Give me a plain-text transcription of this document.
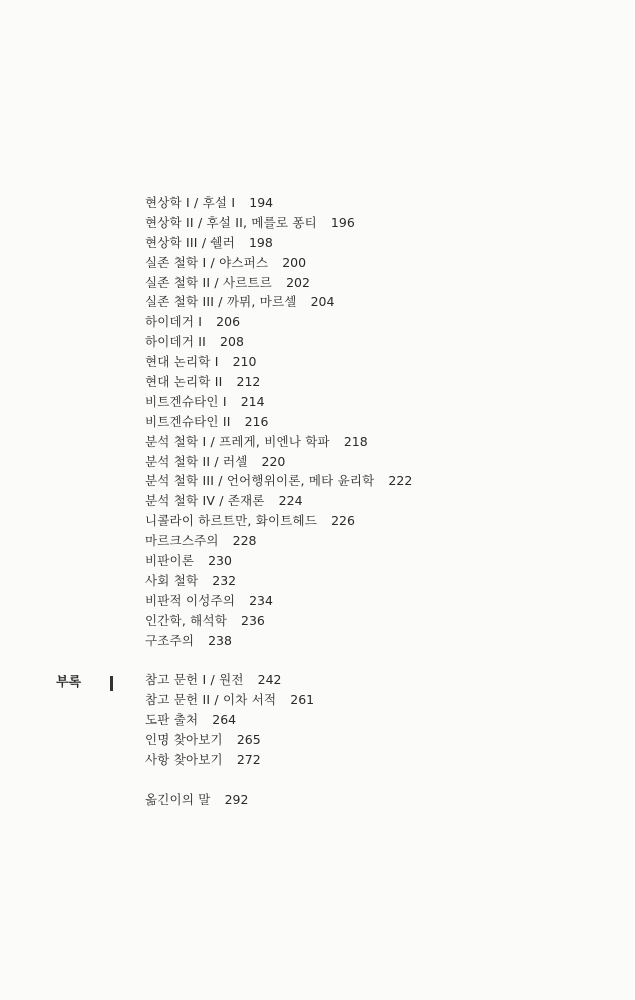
현상학 I / 후설 I 194
현상학 II / 후설 II, 메를로 퐁티 196
현상학 III / 쉘러 198
실존 철학 I / 야스퍼스 200
실존 철학 II / 사르트르 202
실존 철학 III / 까뮈, 마르셀 204
하이데거 I 206
하이데거 II 208
현대 논리학 I 210
현대 논리학 II 212
비트겐슈타인 I 214
비트겐슈타인 II 216
분석 철학 I / 프레게, 비엔나 학파 218
분석 철학 II / 러셀 220
분석 철학 III / 언어행위이론, 메타 윤리학 222
분석 철학 IV / 존재론 224
니콜라이 하르트만, 화이트헤드 226
마르크스주의 228
비판이론 230
사회 철학 232
비판적 이성주의 234
인간학, 해석학 236
구조주의 238
부록	참고 문헌 I / 원전 242
참고 문헌 II / 이차 서적 261
도판 출처 264
인명 찾아보기 265
사항 찾아보기 272
옮긴이의 말 292
